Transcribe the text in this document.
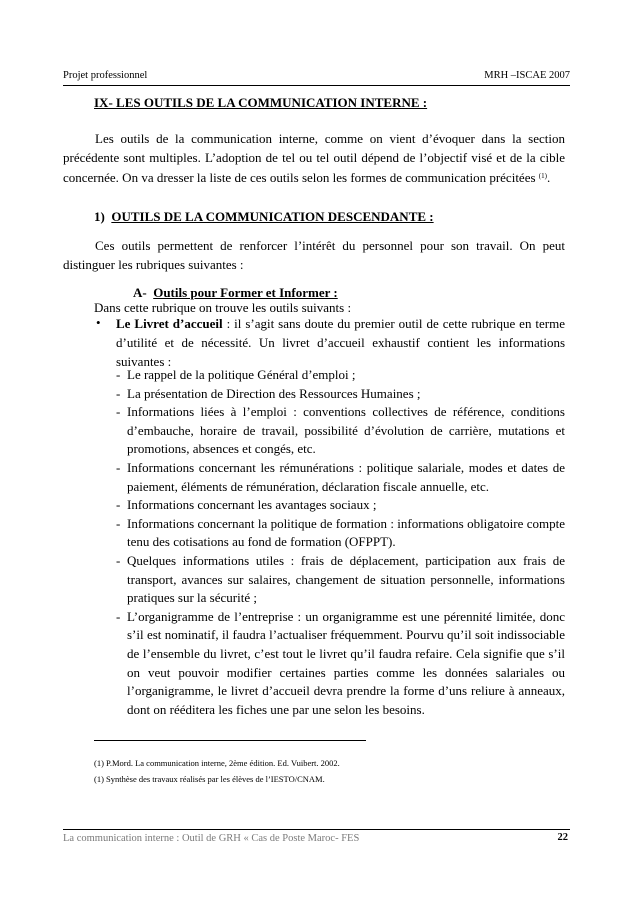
Projet professionnel	MRH –ISCAE 2007
IX- LES OUTILS DE LA COMMUNICATION INTERNE :

Les outils de la communication interne, comme on vient d’évoquer dans la section précédente sont multiples. L’adoption de tel ou tel outil dépend de l’objectif visé et de la cible concernée. On va dresser la liste de ces outils selon les formes de communication précitées $^{(1)}$.

1) OUTILS DE LA COMMUNICATION DESCENDANTE :

Ces outils permettent de renforcer l’intérêt du personnel pour son travail. On peut distinguer les rubriques suivantes :

A- Outils pour Former et Informer :
Dans cette rubrique on trouve les outils suivants :
• Le Livret d’accueil : il s’agit sans doute du premier outil de cette rubrique en terme d’utilité et de nécessité. Un livret d’accueil exhaustif contient les informations suivantes :

- Le rappel de la politique Général d’emploi ;
- La présentation de Direction des Ressources Humaines ;
- Informations liées à l’emploi : conventions collectives de référence, conditions d’embauche, horaire de travail, possibilité d’évolution de carrière, mutations et promotions, absences et congés, etc.
- Informations concernant les rémunérations : politique salariale, modes et dates de paiement, éléments de rémunération, déclaration fiscale annuelle, etc.
- Informations concernant les avantages sociaux ;
- Informations concernant la politique de formation : informations obligatoire compte tenu des cotisations au fond de formation (OFPPT).
- Quelques informations utiles : frais de déplacement, participation aux frais de transport, avances sur salaires, changement de situation personnelle, informations pratiques sur la sécurité ;
- L’organigramme de l’entreprise : un organigramme est une pérennité limitée, donc s’il est nominatif, il faudra l’actualiser fréquemment. Pourvu qu’il soit indissociable de l’ensemble du livret, c’est tout le livret qu’il faudra refaire. Cela signifie que s’il on veut pouvoir modifier certaines parties comme les données salariales ou l’organigramme, le livret d’accueil devra prendre la forme d’uns reliure à anneaux, dont on rééditera les fiches une par une selon les besoins.
(1) P.Mord. La communication interne, 2ème édition. Ed. Vuibert. 2002.
(1) Synthèse des travaux réalisés par les élèves de l’IESTO/CNAM.
La communication interne : Outil de GRH « Cas de Poste Maroc- FES	22
